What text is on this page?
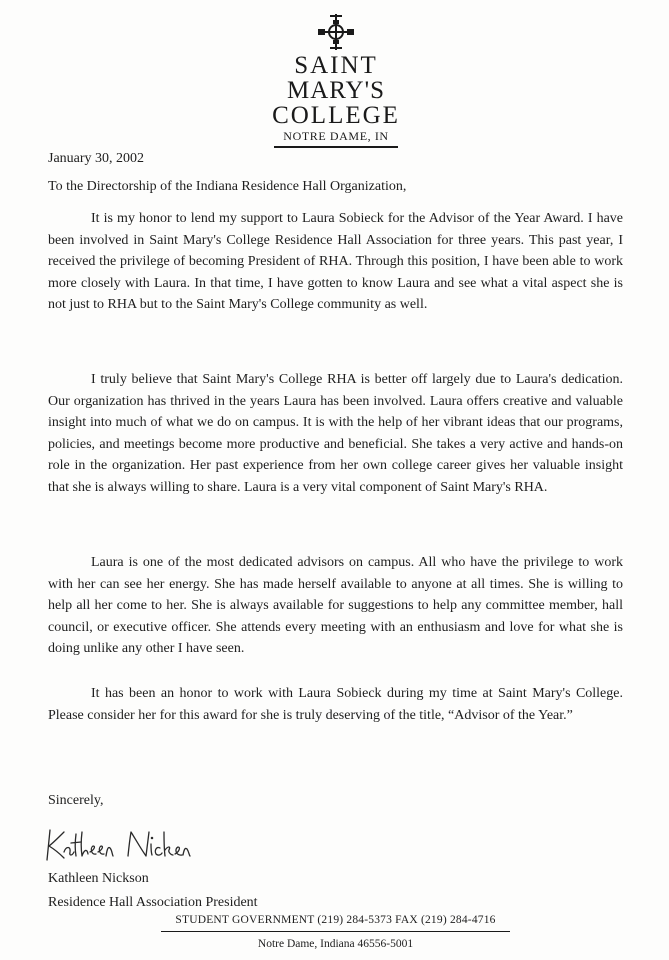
SAINT
MARY'S
COLLEGE
NOTRE DAME, IN
January 30, 2002
To the Directorship of the Indiana Residence Hall Organization,
It is my honor to lend my support to Laura Sobieck for the Advisor of the Year Award. I have been involved in Saint Mary's College Residence Hall Association for three years. This past year, I received the privilege of becoming President of RHA. Through this position, I have been able to work more closely with Laura. In that time, I have gotten to know Laura and see what a vital aspect she is not just to RHA but to the Saint Mary's College community as well.
I truly believe that Saint Mary's College RHA is better off largely due to Laura's dedication. Our organization has thrived in the years Laura has been involved. Laura offers creative and valuable insight into much of what we do on campus. It is with the help of her vibrant ideas that our programs, policies, and meetings become more productive and beneficial. She takes a very active and hands-on role in the organization. Her past experience from her own college career gives her valuable insight that she is always willing to share. Laura is a very vital component of Saint Mary's RHA.
Laura is one of the most dedicated advisors on campus. All who have the privilege to work with her can see her energy. She has made herself available to anyone at all times. She is willing to help all her come to her. She is always available for suggestions to help any committee member, hall council, or executive officer. She attends every meeting with an enthusiasm and love for what she is doing unlike any other I have seen.
It has been an honor to work with Laura Sobieck during my time at Saint Mary's College. Please consider her for this award for she is truly deserving of the title, “Advisor of the Year.”
Sincerely,
Kathleen Nickson
Residence Hall Association President
STUDENT GOVERNMENT (219) 284-5373 FAX (219) 284-4716
Notre Dame, Indiana 46556-5001
